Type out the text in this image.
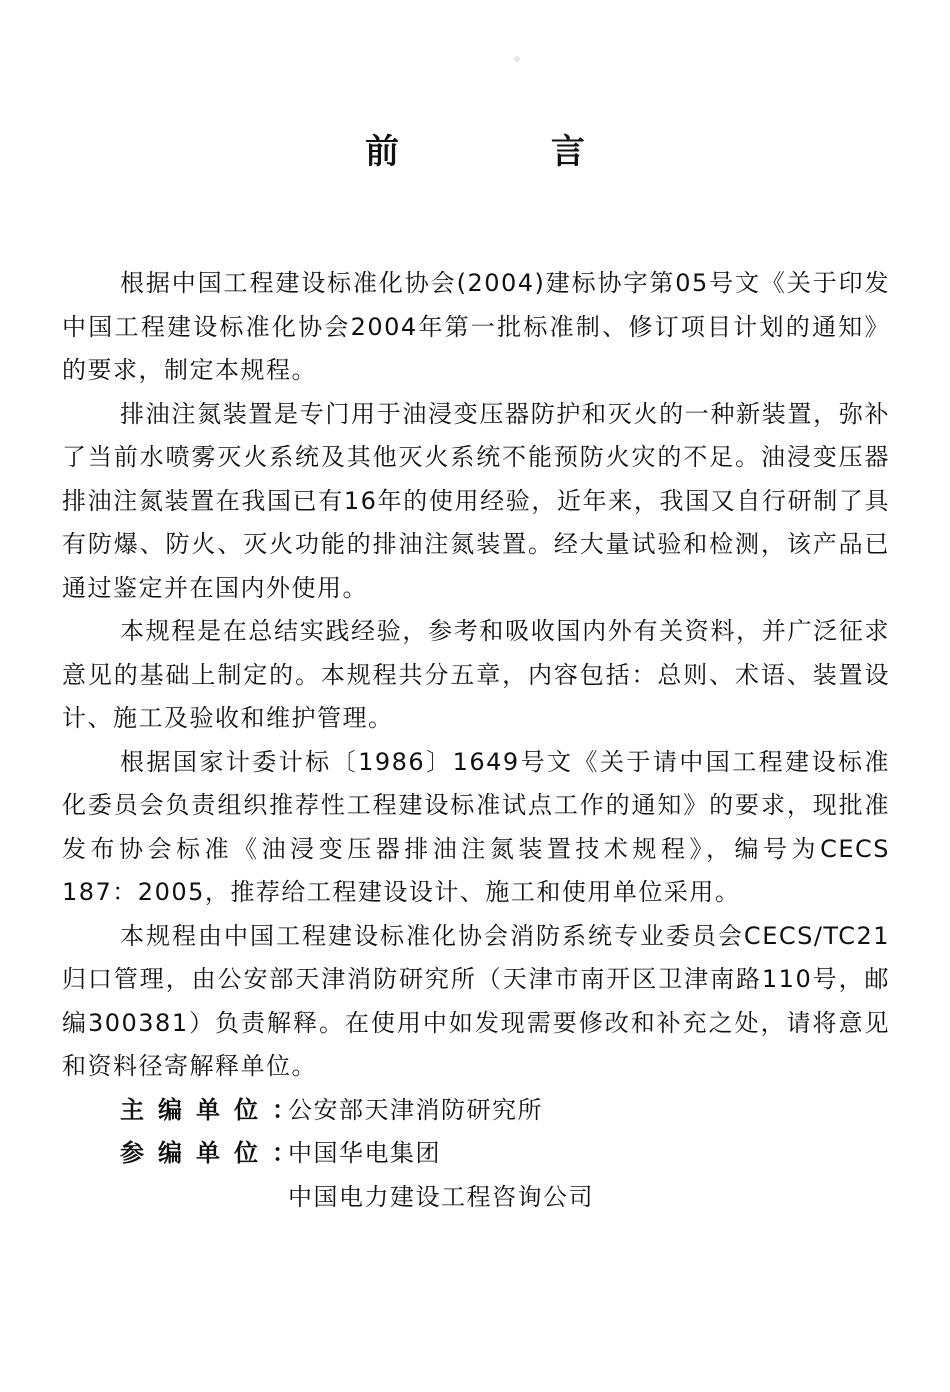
前 言

根据中国工程建设标准化协会(2004)建标协字第05号文《关于印发中国工程建设标准化协会2004年第一批标准制、修订项目计划的通知》的要求，制定本规程。

排油注氮装置是专门用于油浸变压器防护和灭火的一种新装置，弥补了当前水喷雾灭火系统及其他灭火系统不能预防火灾的不足。油浸变压器排油注氮装置在我国已有16年的使用经验，近年来，我国又自行研制了具有防爆、防火、灭火功能的排油注氮装置。经大量试验和检测，该产品已通过鉴定并在国内外使用。

本规程是在总结实践经验，参考和吸收国内外有关资料，并广泛征求意见的基础上制定的。本规程共分五章，内容包括：总则、术语、装置设计、施工及验收和维护管理。

根据国家计委计标〔1986〕1649号文《关于请中国工程建设标准化委员会负责组织推荐性工程建设标准试点工作的通知》的要求，现批准发布协会标准《油浸变压器排油注氮装置技术规程》，编号为CECS 187：2005，推荐给工程建设设计、施工和使用单位采用。

本规程由中国工程建设标准化协会消防系统专业委员会CECS/TC21归口管理，由公安部天津消防研究所（天津市南开区卫津南路110号，邮编300381）负责解释。在使用中如发现需要修改和补充之处，请将意见和资料径寄解释单位。

主编单位：
公安部天津消防研究所
参编单位：
中国华电集团
中国电力建设工程咨询公司
